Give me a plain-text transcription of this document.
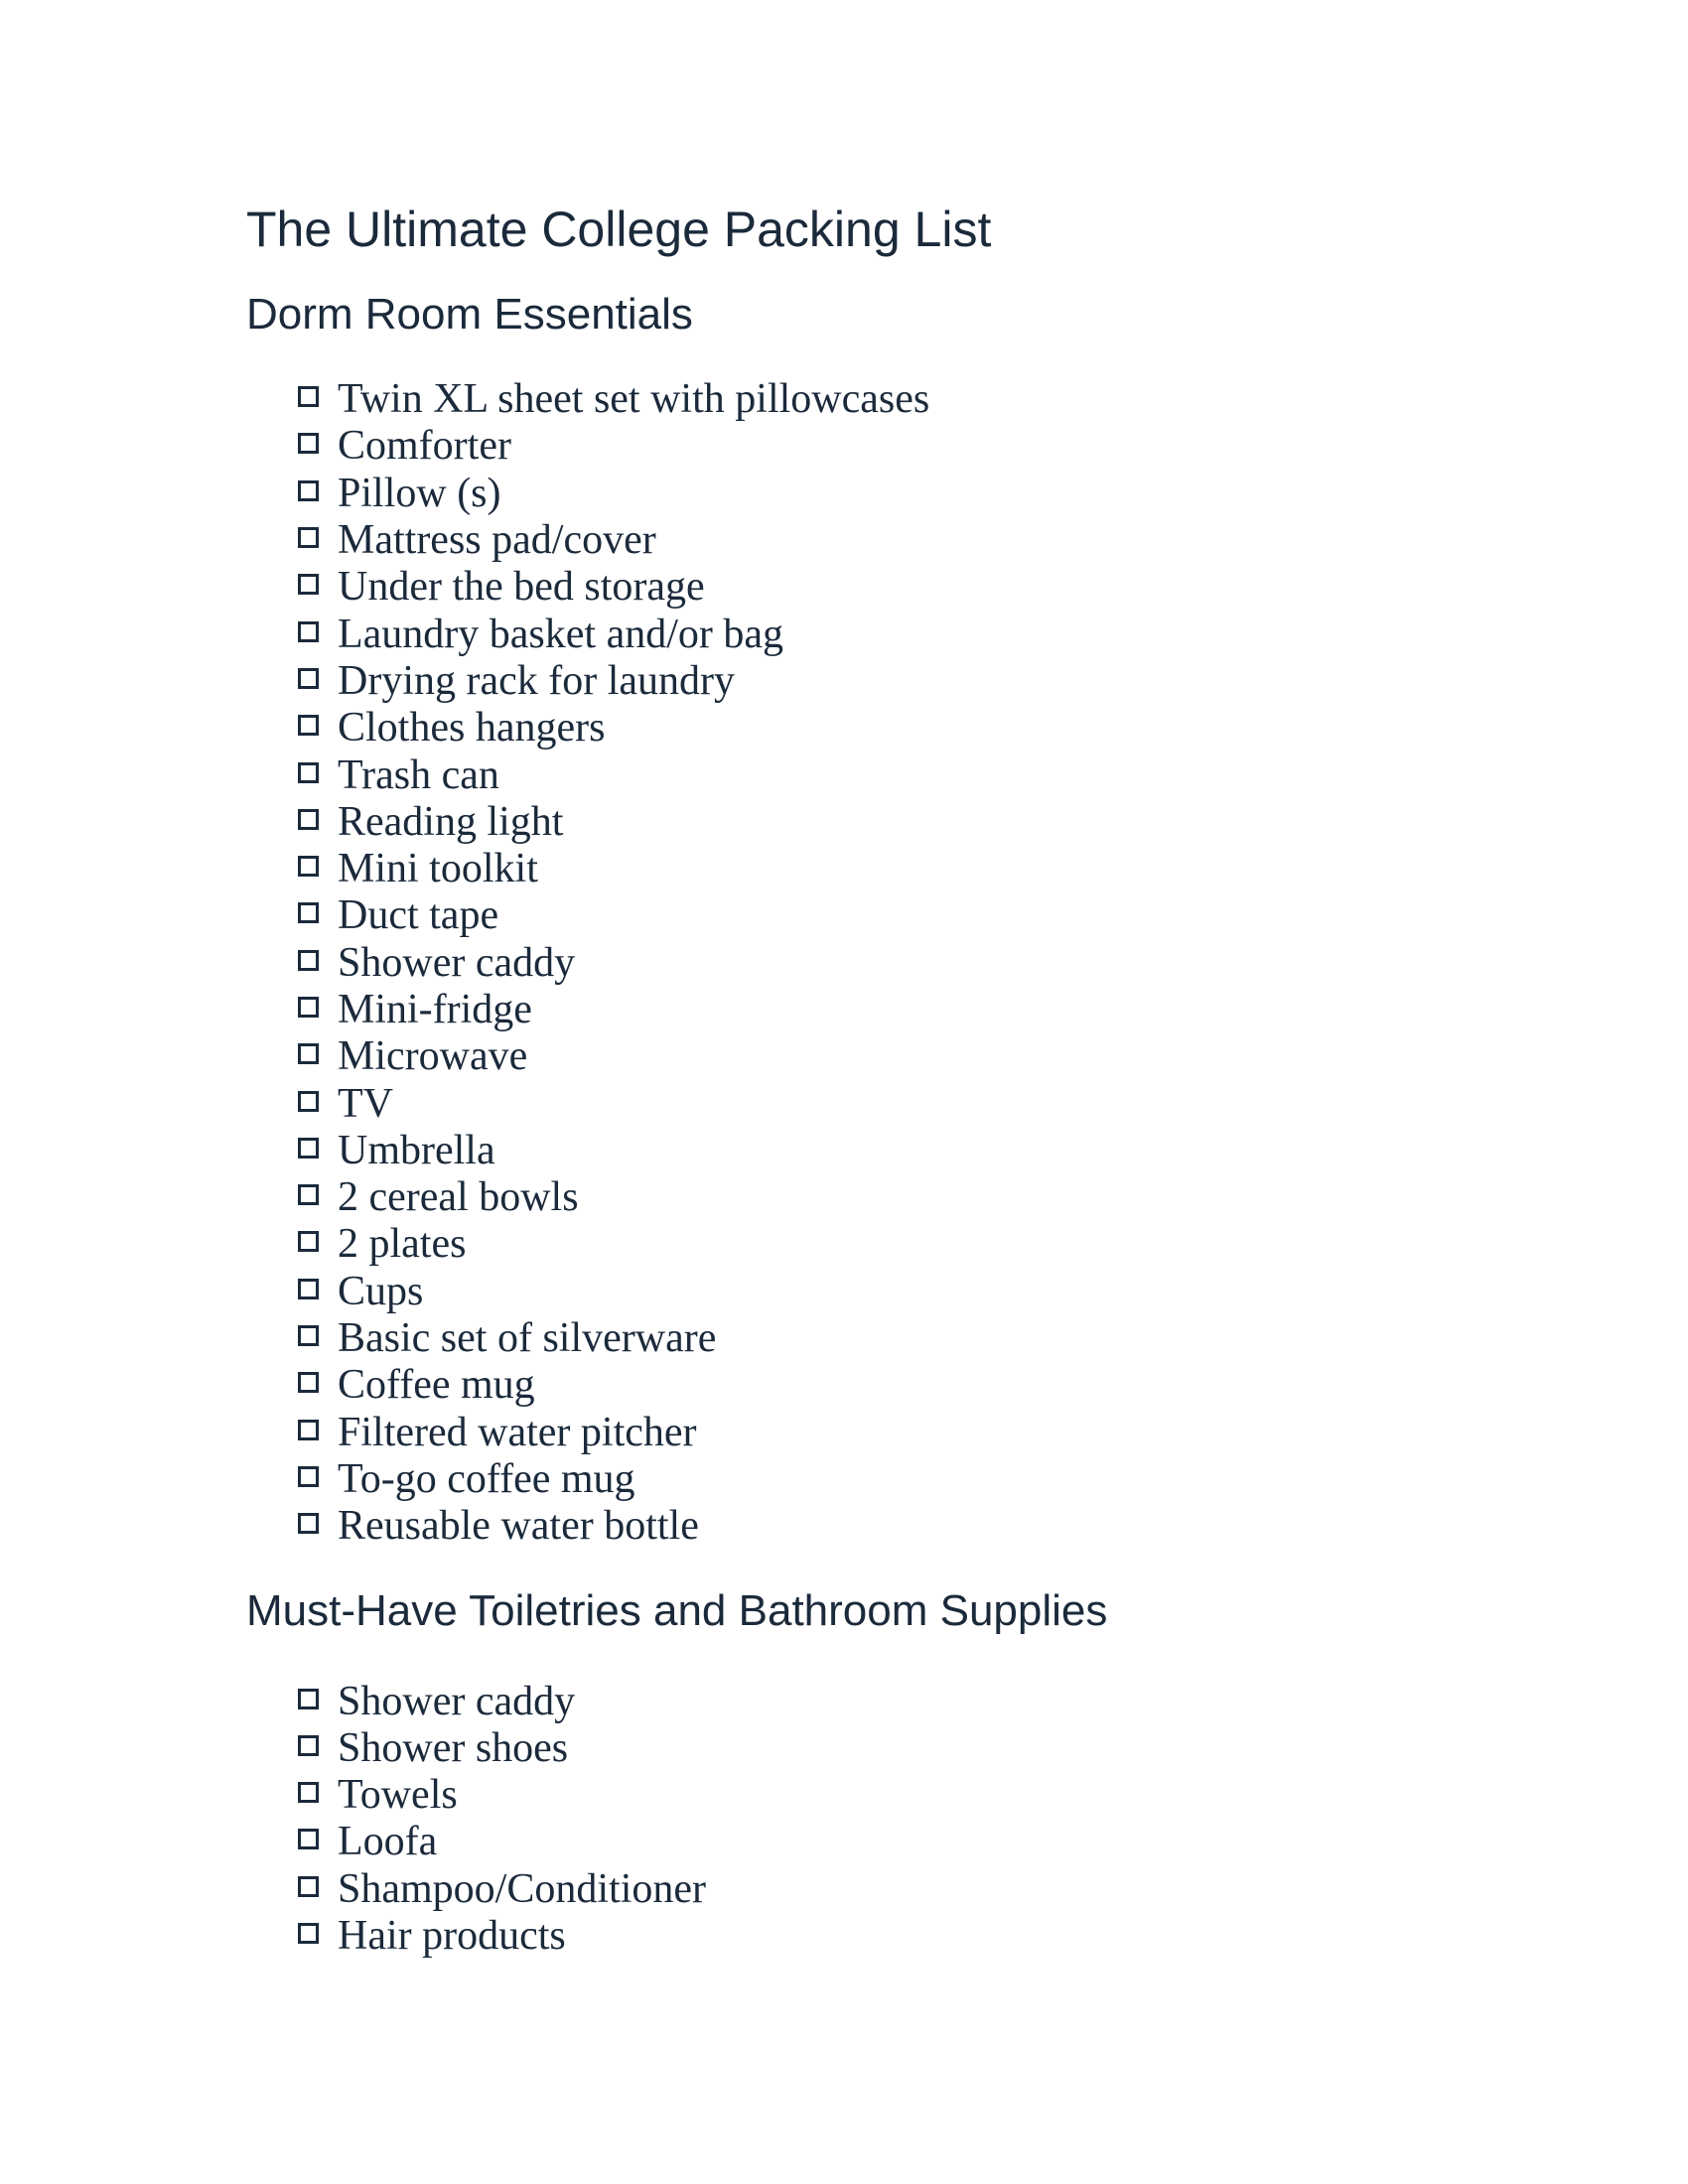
The Ultimate College Packing List
Dorm Room Essentials
Twin XL sheet set with pillowcases
Comforter
Pillow (s)
Mattress pad/cover
Under the bed storage
Laundry basket and/or bag
Drying rack for laundry
Clothes hangers
Trash can
Reading light
Mini toolkit
Duct tape
Shower caddy
Mini-fridge
Microwave
TV
Umbrella
2 cereal bowls
2 plates
Cups
Basic set of silverware
Coffee mug
Filtered water pitcher
To-go coffee mug
Reusable water bottle
Must-Have Toiletries and Bathroom Supplies
Shower caddy
Shower shoes
Towels
Loofa
Shampoo/Conditioner
Hair products
